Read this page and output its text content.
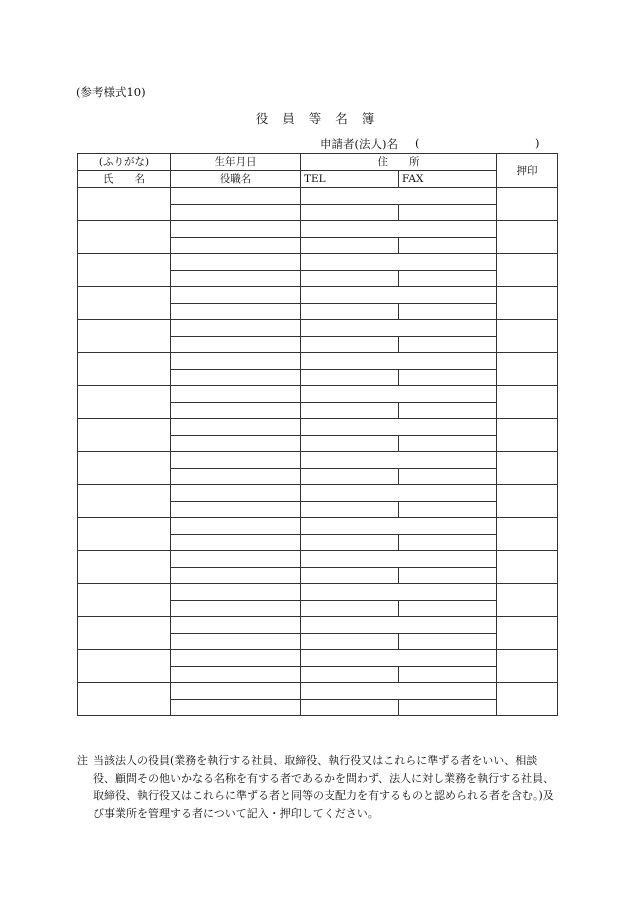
(参考様式10)
役員等名簿
申請者(法人)名 (	)
(ふりがな)	生年月日	住　　所		押印
氏　　名	役職名	TEL	FAX	

注 当該法人の役員(業務を執行する社員、取締役、執行役又はこれらに準ずる者をいい、相談役、顧問その他いかなる名称を有する者であるかを問わず、法人に対し業務を執行する社員、取締役、執行役又はこれらに準ずる者と同等の支配力を有するものと認められる者を含む。)及び事業所を管理する者について記入・押印してください。
